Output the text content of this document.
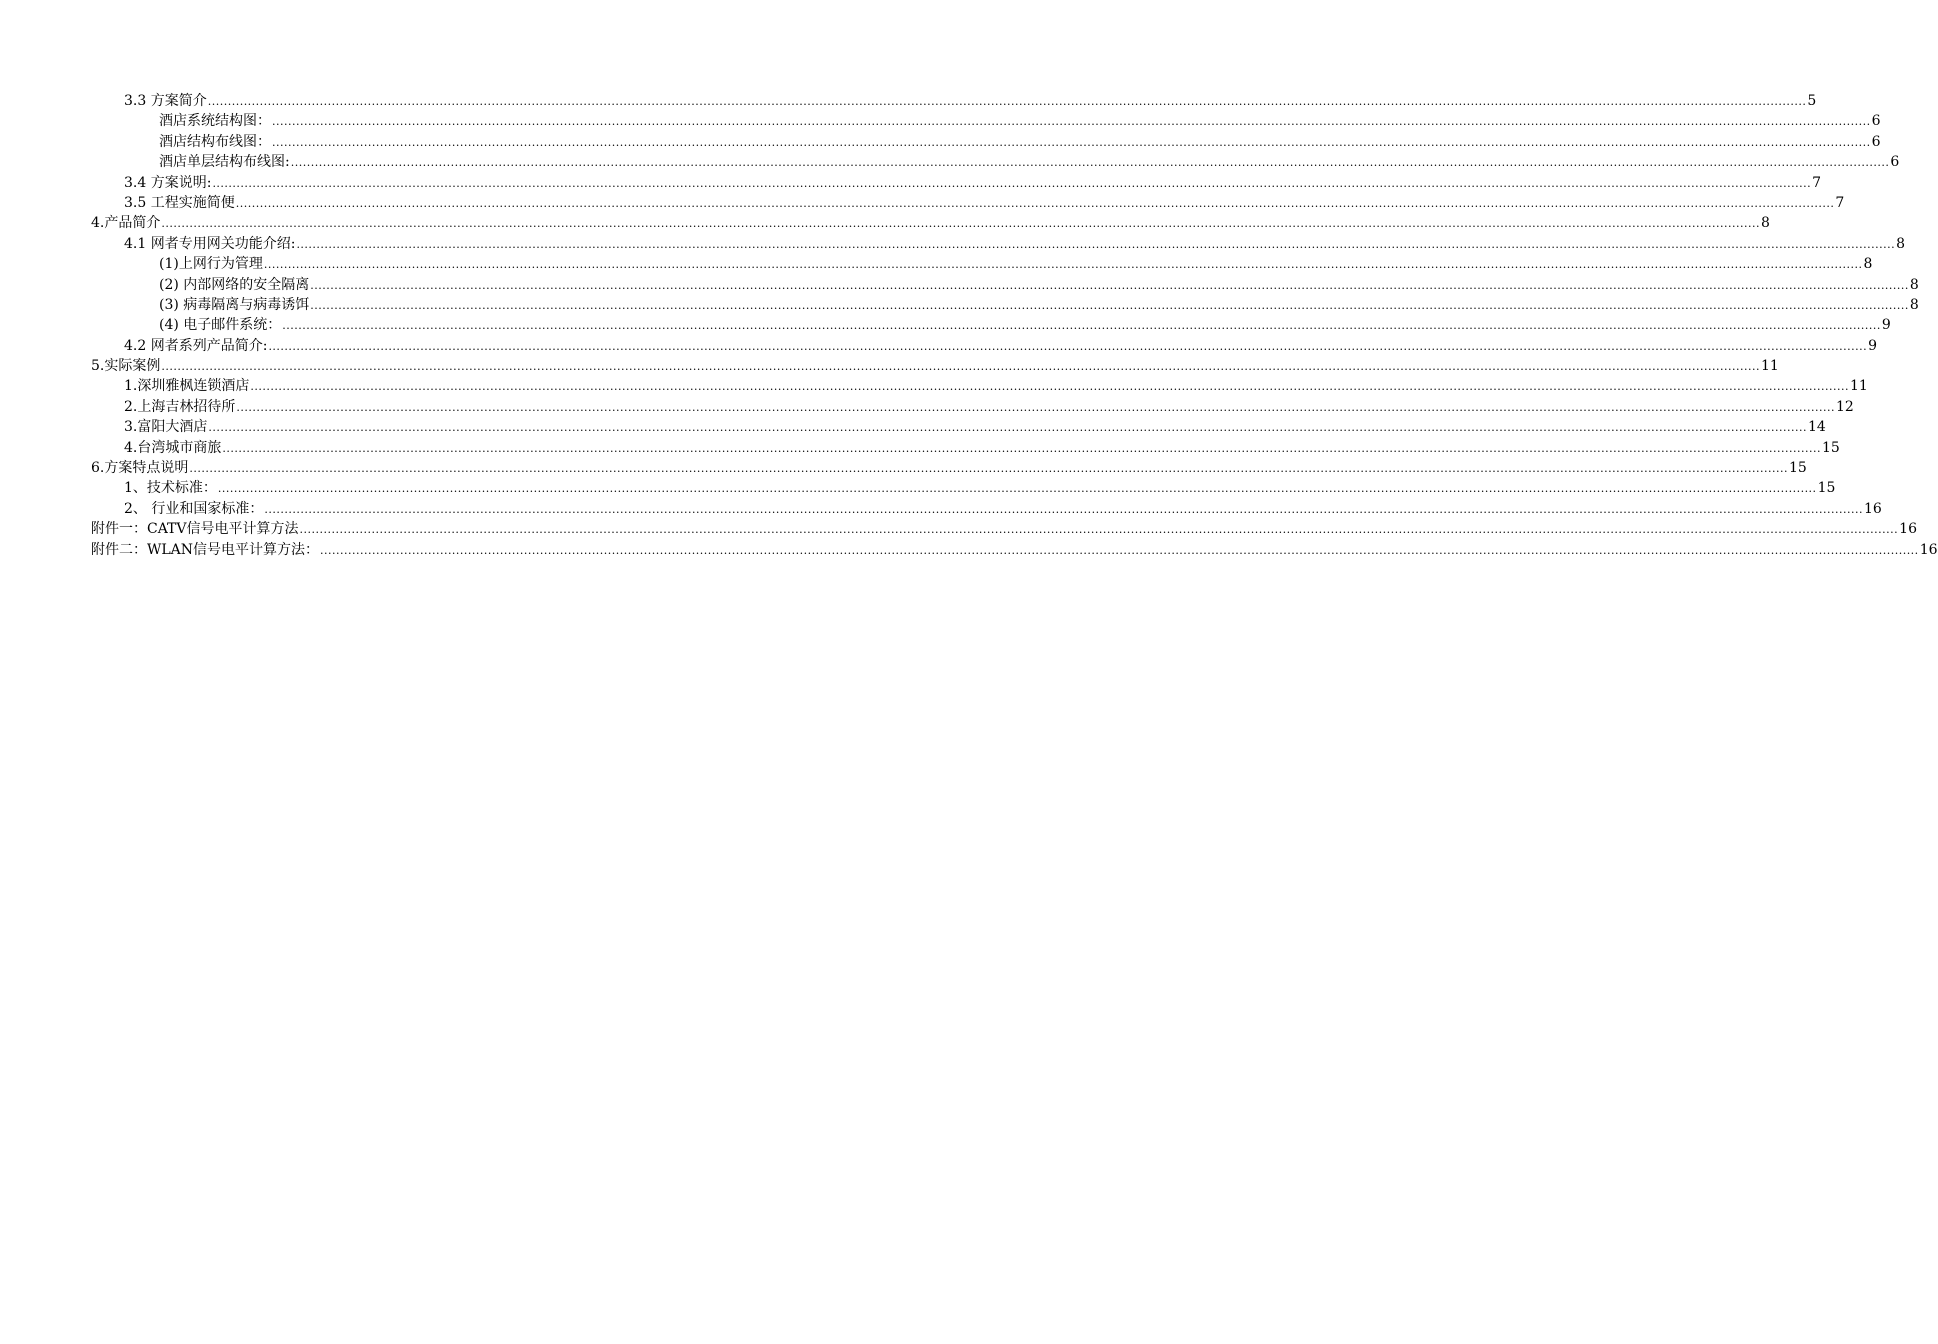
3.3 方案简介 ................................................................................................................................................................................................................................................................................................................................................................................................................ 5
酒店系统结构图： ................................................................................................................................................................................................................................................................................................................................................................................................................ 6
酒店结构布线图： ................................................................................................................................................................................................................................................................................................................................................................................................................ 6
酒店单层结构布线图: ................................................................................................................................................................................................................................................................................................................................................................................................................ 6
3.4 方案说明: ................................................................................................................................................................................................................................................................................................................................................................................................................ 7
3.5 工程实施简便 ................................................................................................................................................................................................................................................................................................................................................................................................................ 7
4.产品简介 ................................................................................................................................................................................................................................................................................................................................................................................................................ 8
4.1 网者专用网关功能介绍: ................................................................................................................................................................................................................................................................................................................................................................................................................ 8
(1)上网行为管理 ................................................................................................................................................................................................................................................................................................................................................................................................................ 8
(2) 内部网络的安全隔离 ................................................................................................................................................................................................................................................................................................................................................................................................................ 8
(3) 病毒隔离与病毒诱饵 ................................................................................................................................................................................................................................................................................................................................................................................................................ 8
(4) 电子邮件系统： ................................................................................................................................................................................................................................................................................................................................................................................................................ 9
4.2 网者系列产品简介: ................................................................................................................................................................................................................................................................................................................................................................................................................ 9
5.实际案例 ................................................................................................................................................................................................................................................................................................................................................................................................................ 11
1.深圳雅枫连锁酒店 ................................................................................................................................................................................................................................................................................................................................................................................................................ 11
2.上海吉林招待所 ................................................................................................................................................................................................................................................................................................................................................................................................................ 12
3.富阳大酒店 ................................................................................................................................................................................................................................................................................................................................................................................................................ 14
4.台湾城市商旅 ................................................................................................................................................................................................................................................................................................................................................................................................................ 15
6.方案特点说明 ................................................................................................................................................................................................................................................................................................................................................................................................................ 15
1、技术标准： ................................................................................................................................................................................................................................................................................................................................................................................................................ 15
2、 行业和国家标准： ................................................................................................................................................................................................................................................................................................................................................................................................................ 16
附件一：CATV信号电平计算方法 ................................................................................................................................................................................................................................................................................................................................................................................................................ 16
附件二：WLAN信号电平计算方法： ................................................................................................................................................................................................................................................................................................................................................................................................................ 16
